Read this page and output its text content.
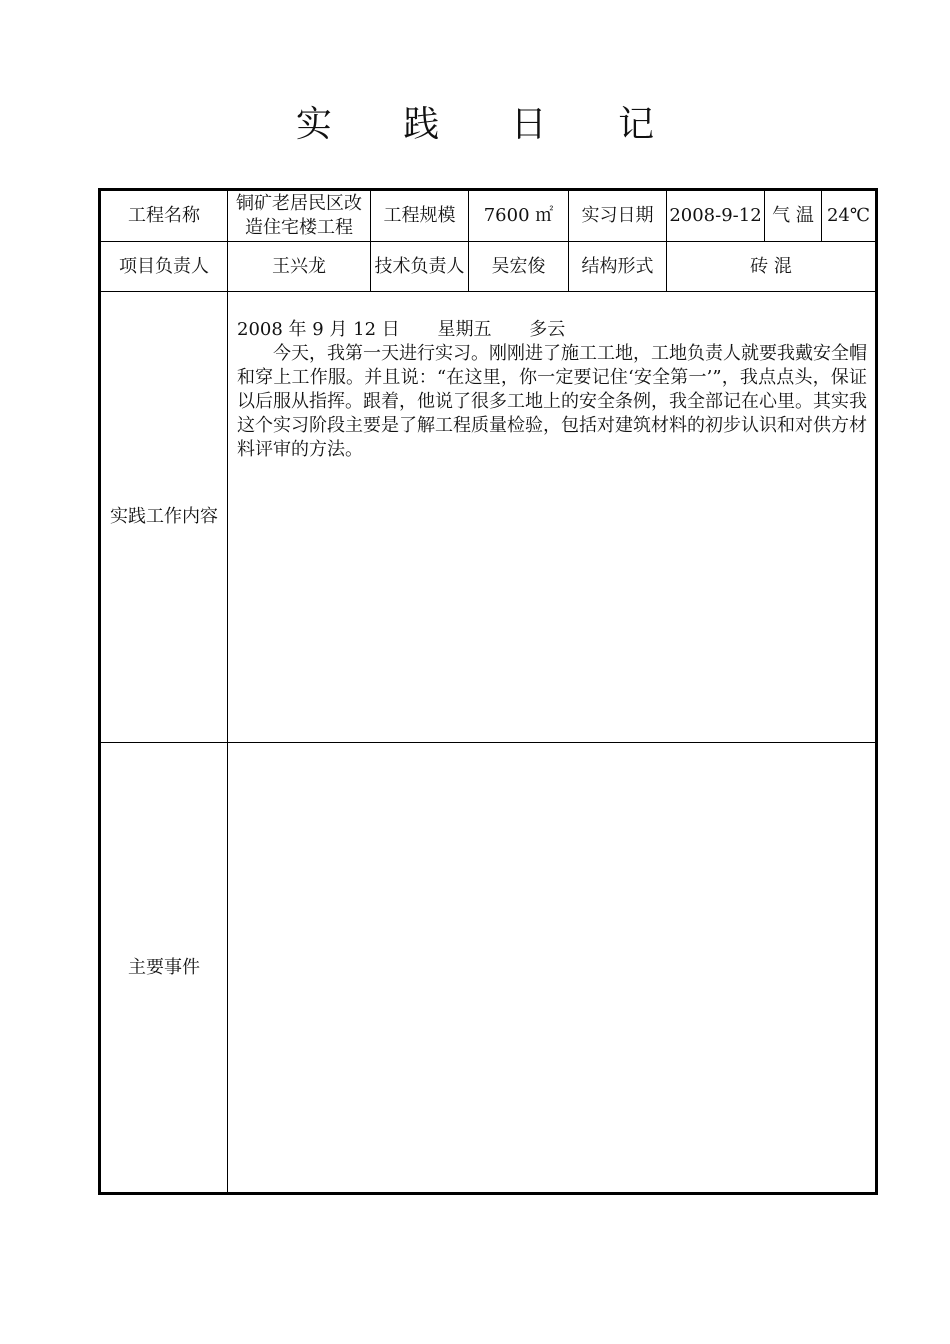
实 践 日 记
工程名称	铜矿老居民区改造住宅楼工程	工程规模	7600 ㎡	实习日期	2008-9-12	气 温	24℃
项目负责人	王兴龙	技术负责人	吴宏俊	结构形式	砖 混		
实践工作内容	2008 年 9 月 12 日 星期五 多云

今天，我第一天进行实习。刚刚进了施工工地，工地负责人就要我戴安全帽和穿上工作服。并且说：“在这里，你一定要记住‘安全第一’”，我点点头，保证以后服从指挥。跟着，他说了很多工地上的安全条例，我全部记在心里。其实我这个实习阶段主要是了解工程质量检验，包括对建筑材料的初步认识和对供方材料评审的方法。						

主要事件							
